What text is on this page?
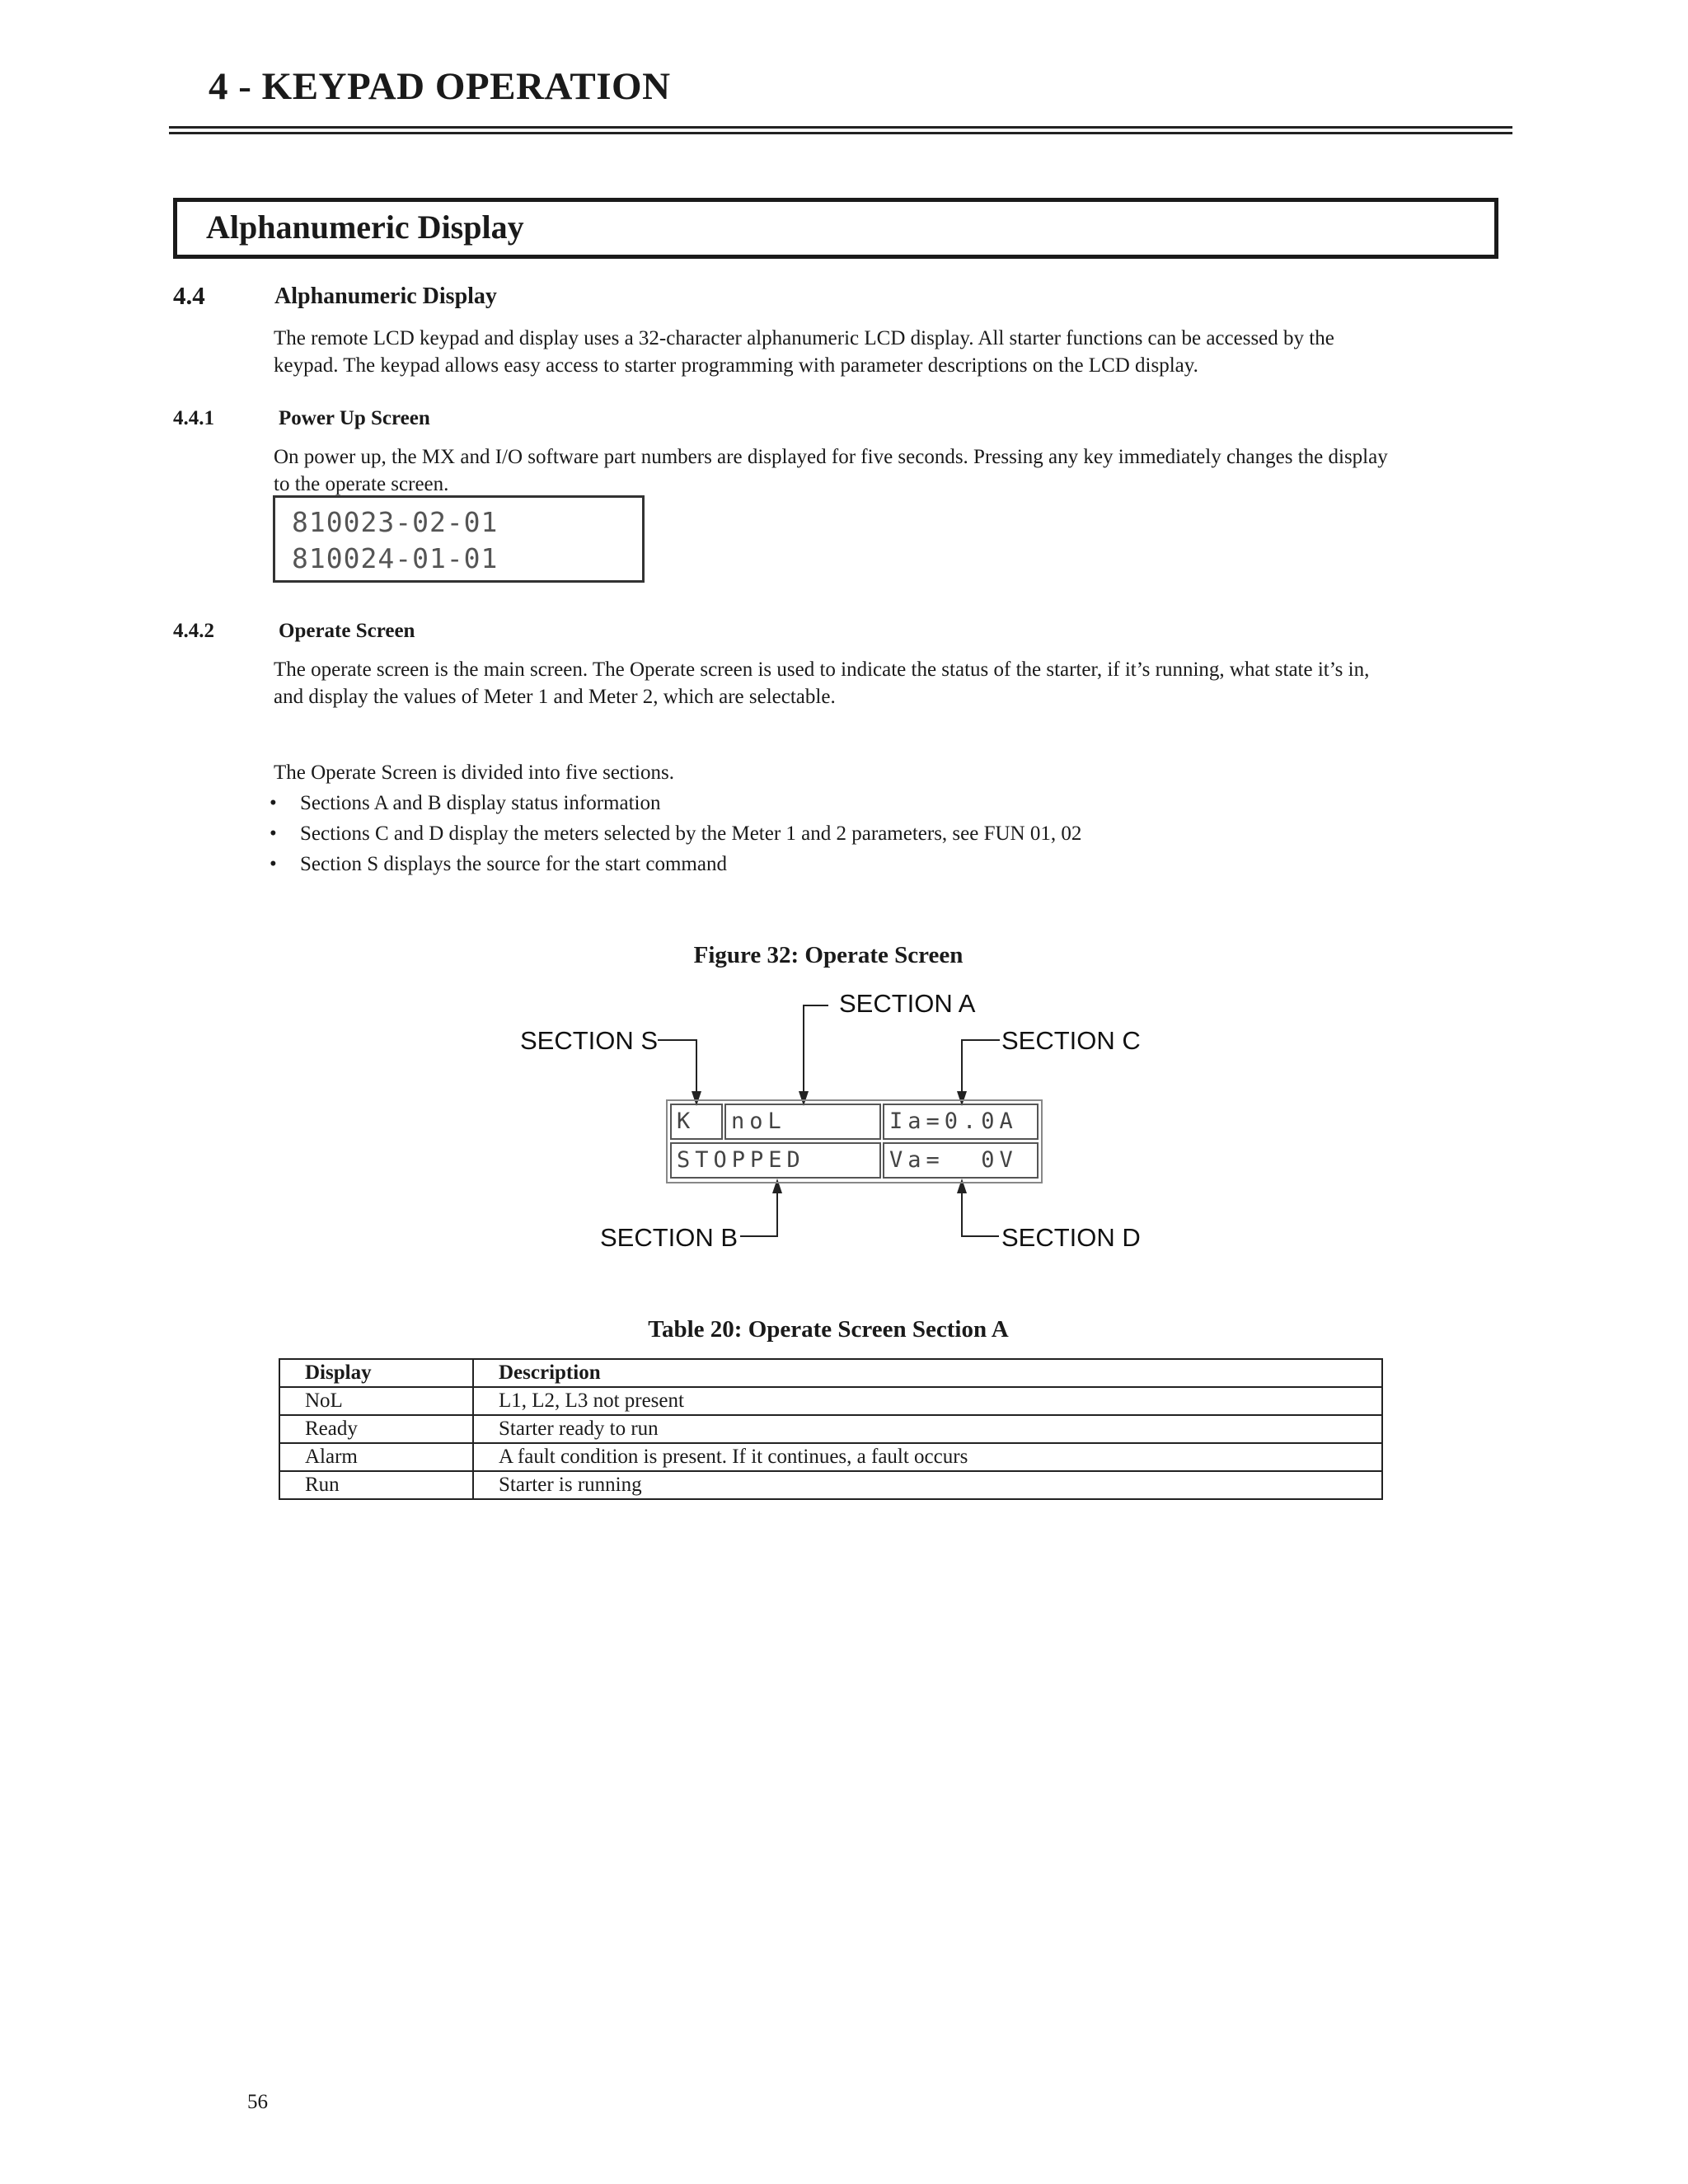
4 - KEYPAD OPERATION
Alphanumeric Display
4.4	Alphanumeric Display
The remote LCD keypad and display uses a 32-character alphanumeric LCD display. All starter functions can be accessed by the
keypad. The keypad allows easy access to starter programming with parameter descriptions on the LCD display.
4.4.1	Power Up Screen
On power up, the MX and I/O software part numbers are displayed for five seconds. Pressing any key immediately changes the display
to the operate screen.
810023-02-01
810024-01-01
4.4.2	Operate Screen
The operate screen is the main screen. The Operate screen is used to indicate the status of the starter, if it’s running, what state it’s in,
and display the values of Meter 1 and Meter 2, which are selectable.
The Operate Screen is divided into five sections.
• Sections A and B display status information
• Sections C and D display the meters selected by the Meter 1 and 2 parameters, see FUN 01, 02
• Section S displays the source for the start command
Figure 32: Operate Screen
SECTION A
SECTION S	SECTION C
SECTION B	SECTION D
K	noL	Ia=0.0A
STOPPED	Va=  0V
Table 20: Operate Screen Section A
Display	Description
NoL	L1, L2, L3 not present
Ready	Starter ready to run
Alarm	A fault condition is present. If it continues, a fault occurs
Run	Starter is running
56
